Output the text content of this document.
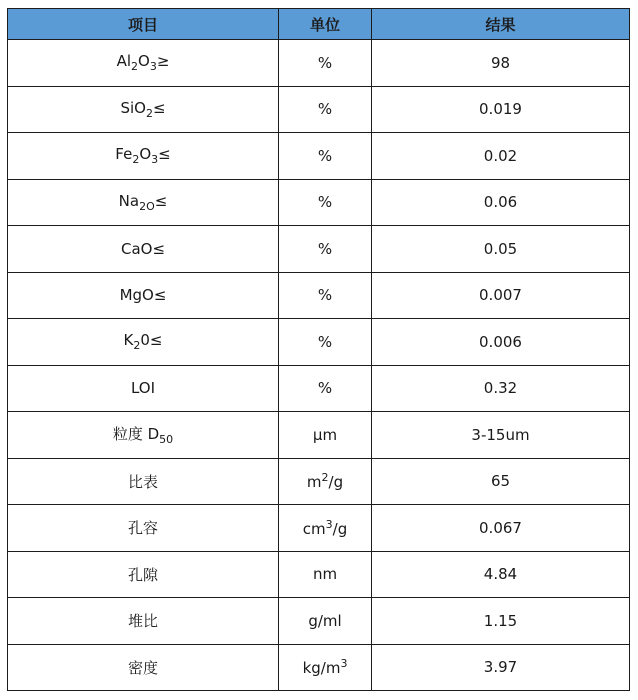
项目	单位	结果
$Al_2O_3\ge$	%	98
SiO$_2$≤	%	0.019
$Fe_2O_3\le$	%	0.02
$Na_{2O}\le$	%	0.06
CaO≤	%	0.05
MgO≤	%	0.007
$K_20\le$	%	0.006
LOI	%	0.32
粒度 $D_{50}$	μm	3-15um
比表	$m^2/g$	65
孔容	$cm^3/g$	0.067
孔隙	nm	4.84
堆比	g/ml	1.15
密度	$kg/m^3$	3.97
